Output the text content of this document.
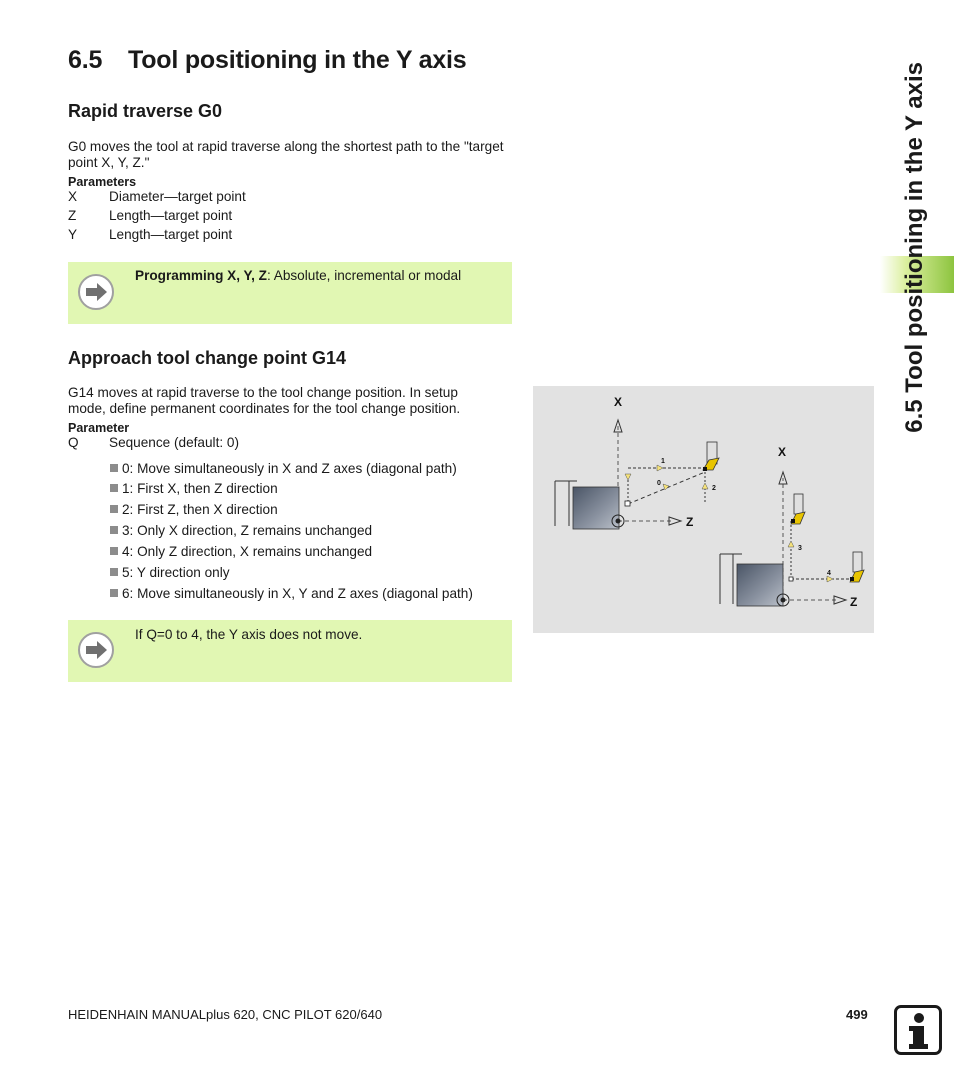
6.5 Tool positioning in the Y axis
6.5 Tool positioning in the Y axis
Rapid traverse G0
G0 moves the tool at rapid traverse along the shortest path to the "target point X, Y, Z."
Parameters
X Diameter—target point
Z Length—target point
Y Length—target point
Programming X, Y, Z: Absolute, incremental or modal
Approach tool change point G14
G14 moves at rapid traverse to the tool change position. In setup mode, define permanent coordinates for the tool change position.
Parameter
Q Sequence (default: 0)
0: Move simultaneously in X and Z axes (diagonal path)
1: First X, then Z direction
2: First Z, then X direction
3: Only X direction, Z remains unchanged
4: Only Z direction, X remains unchanged
5: Y direction only
6: Move simultaneously in X, Y and Z axes (diagonal path)
If Q=0 to 4, the Y axis does not move.
X
Z
1
0
2
X
Z
3
4
HEIDENHAIN MANUALplus 620, CNC PILOT 620/640	499
